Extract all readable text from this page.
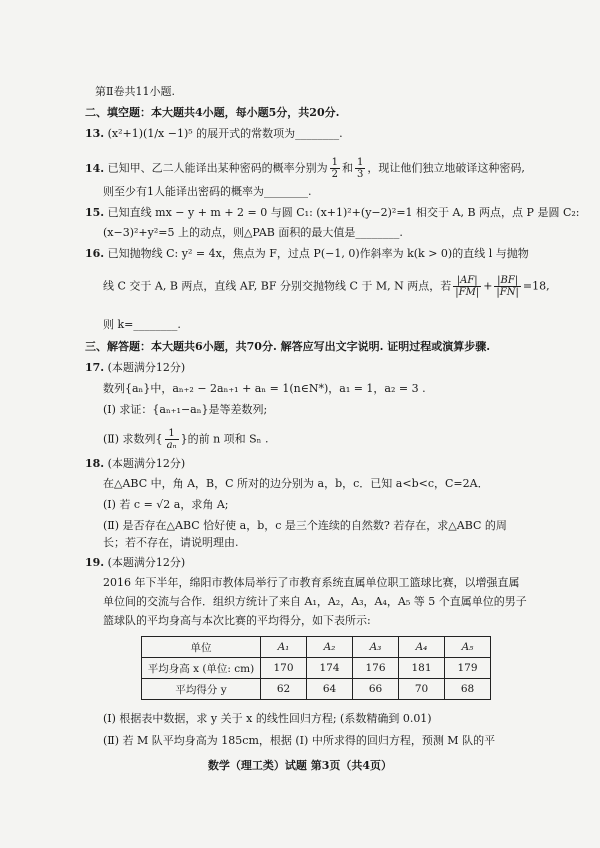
第Ⅱ卷共11小题.
二、填空题：本大题共4小题，每小题5分，共20分.
13. (x²+1)(1/x −1)⁵ 的展开式的常数项为________.
14. 已知甲、乙二人能译出某种密码的概率分别为 $\frac{1}{2}$ 和 $\frac{1}{3}$ ，现让他们独立地破译这种密码,
则至少有1人能译出密码的概率为________.
15. 已知直线 mx − y + m + 2 = 0 与圆 C₁: (x+1)²+(y−2)²=1 相交于 A, B 两点，点 P 是圆 C₂:
(x−3)²+y²=5 上的动点，则△PAB 面积的最大值是________.
16. 已知抛物线 C: y² = 4x，焦点为 F，过点 P(−1, 0)作斜率为 k(k > 0)的直线 l 与抛物
线 C 交于 A, B 两点，直线 AF, BF 分别交抛物线 C 于 M, N 两点，若 $\frac{|AF|}{|FM|} + \frac{|BF|}{|FN|} =18$,
则 k=________.
三、解答题：本大题共6小题，共70分. 解答应写出文字说明. 证明过程或演算步骤.
17. (本题满分12分)
数列{aₙ}中，aₙ₊₂ − 2aₙ₊₁ + aₙ = 1(n∈N*)，a₁ = 1，a₂ = 3 .
(Ⅰ) 求证：{aₙ₊₁−aₙ}是等差数列;
(Ⅱ) 求数列{ $\frac{1}{\text{aₙ}}$ }的前 n 项和 Sₙ .
18. (本题满分12分)
在△ABC 中，角 A，B，C 所对的边分别为 a，b，c．已知 a<b<c，C=2A．
(Ⅰ) 若 c = √2 a，求角 A;
(Ⅱ) 是否存在△ABC 恰好使 a，b，c 是三个连续的自然数? 若存在，求△ABC 的周
长；若不存在，请说明理由.
19. (本题满分12分)
2016 年下半年，绵阳市教体局举行了市教育系统直属单位职工篮球比赛，以增强直属
单位间的交流与合作．组织方统计了来自 A₁，A₂，A₃，A₄，A₅ 等 5 个直属单位的男子
篮球队的平均身高与本次比赛的平均得分，如下表所示:
单位	A₁	A₂	A₃	A₄	A₅
平均身高 x (单位: cm)	170	174	176	181	179
平均得分 y	62	64	66	70	68
(Ⅰ) 根据表中数据，求 y 关于 x 的线性回归方程; (系数精确到 0.01)
(Ⅱ) 若 M 队平均身高为 185cm，根据 (Ⅰ) 中所求得的回归方程，预测 M 队的平
数学（理工类）试题 第3页（共4页）
